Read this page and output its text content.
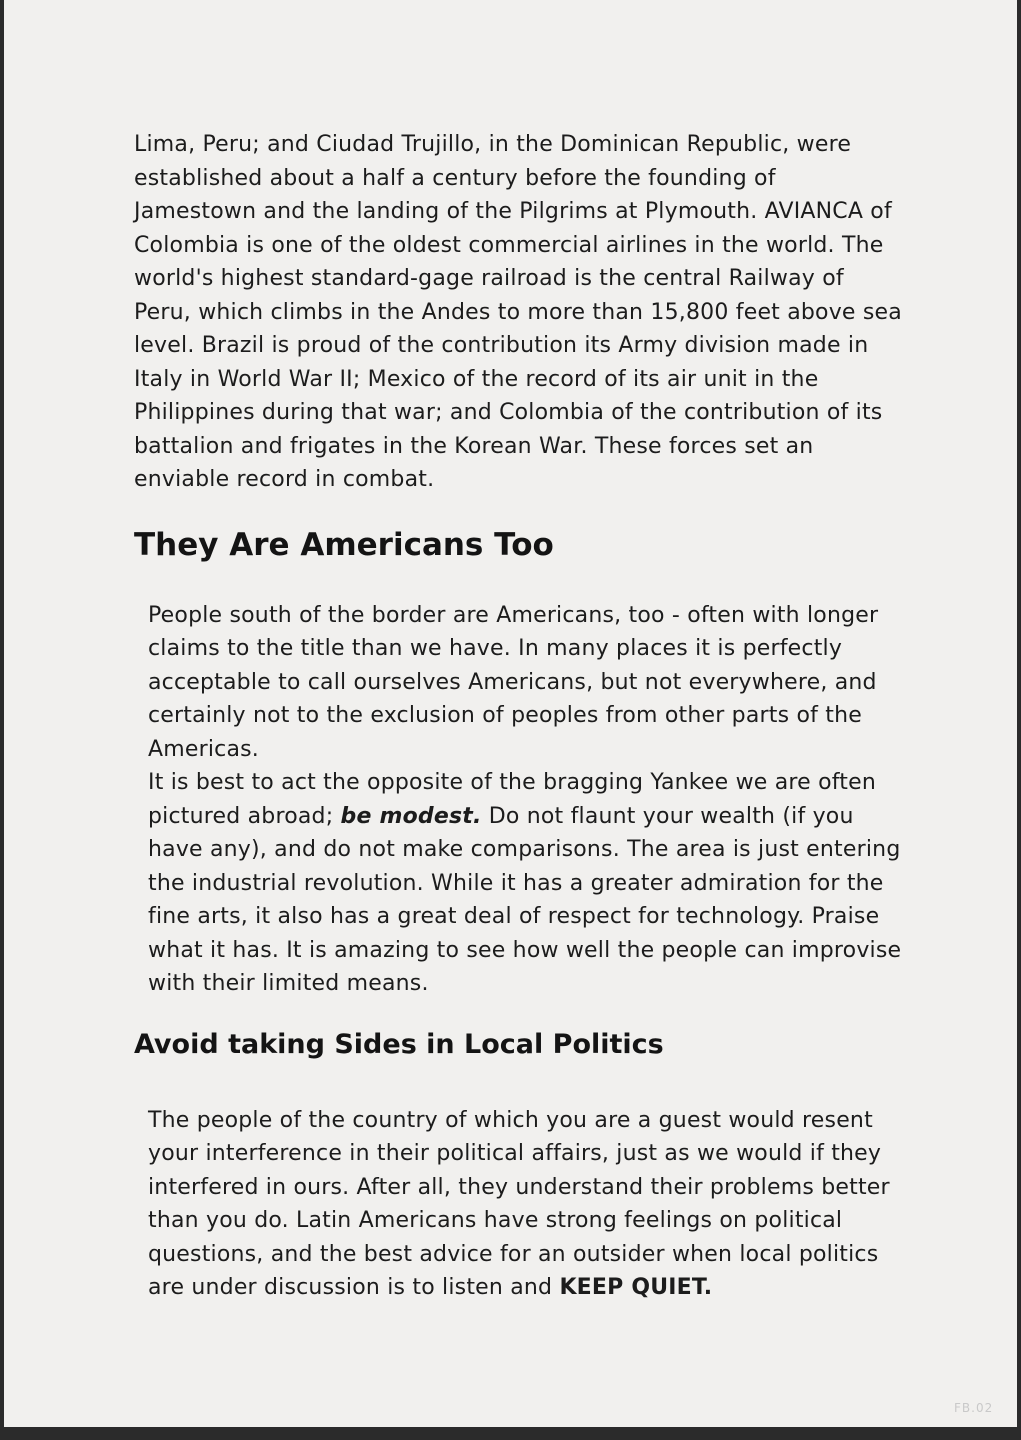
Lima, Peru; and Ciudad Trujillo, in the Dominican Republic, were established about a half a century before the founding of Jamestown and the landing of the Pilgrims at Plymouth. AVIANCA of Colombia is one of the oldest commercial airlines in the world. The world's highest standard-gage railroad is the central Railway of Peru, which climbs in the Andes to more than 15,800 feet above sea level. Brazil is proud of the contribution its Army division made in Italy in World War II; Mexico of the record of its air unit in the Philippines during that war; and Colombia of the contribution of its battalion and frigates in the Korean War. These forces set an enviable record in combat.

They Are Americans Too

People south of the border are Americans, too - often with longer claims to the title than we have. In many places it is perfectly acceptable to call ourselves Americans, but not everywhere, and certainly not to the exclusion of peoples from other parts of the Americas.

It is best to act the opposite of the bragging Yankee we are often pictured abroad; be modest. Do not flaunt your wealth (if you have any), and do not make comparisons. The area is just entering the industrial revolution. While it has a greater admiration for the fine arts, it also has a great deal of respect for technology. Praise what it has. It is amazing to see how well the people can improvise with their limited means.

Avoid taking Sides in Local Politics

The people of the country of which you are a guest would resent your interference in their political affairs, just as we would if they interfered in ours. After all, they understand their problems better than you do. Latin Americans have strong feelings on political questions, and the best advice for an outsider when local politics are under discussion is to listen and KEEP QUIET.

FB.02
